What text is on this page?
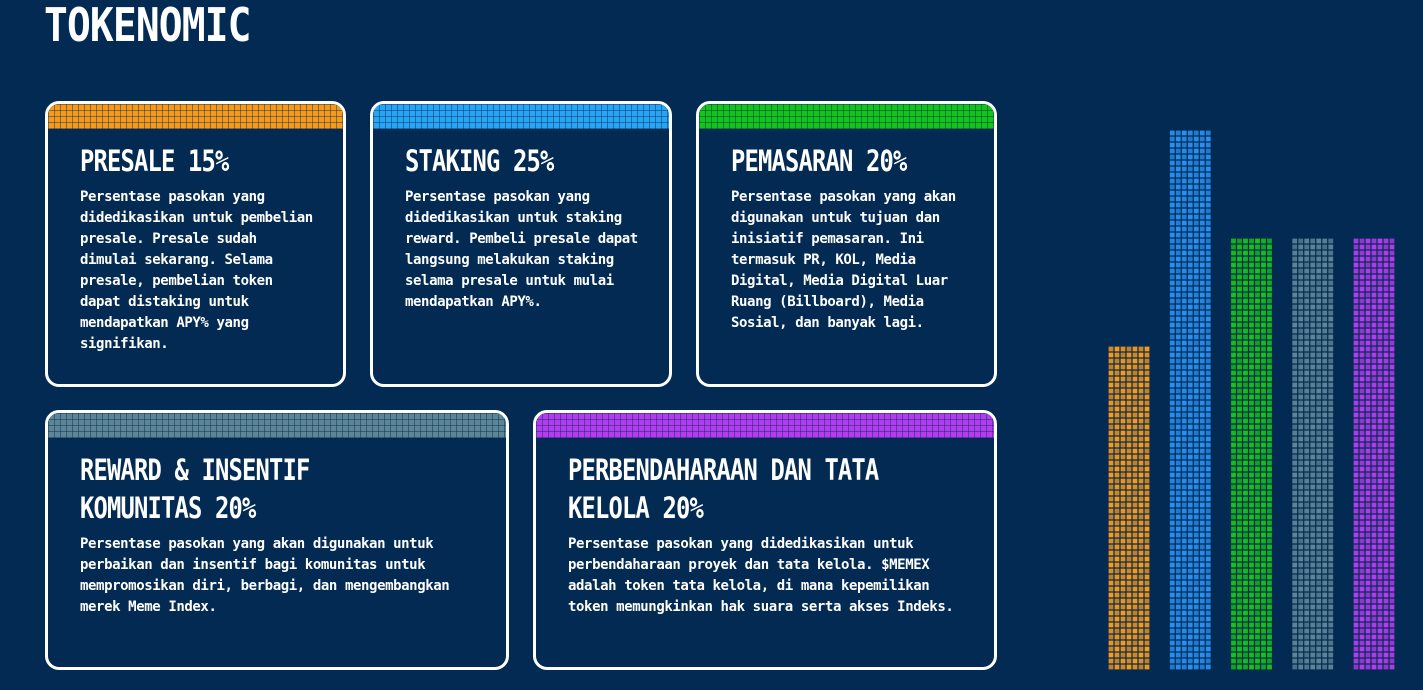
TOKENOMIC
PRESALE 15%

Persentase pasokan yang didedikasikan untuk pembelian presale. Presale sudah dimulai sekarang. Selama presale, pembelian token dapat distaking untuk mendapatkan APY% yang signifikan.

STAKING 25%

Persentase pasokan yang didedikasikan untuk staking reward. Pembeli presale dapat langsung melakukan staking selama presale untuk mulai mendapatkan APY%.

PEMASARAN 20%

Persentase pasokan yang akan digunakan untuk tujuan dan inisiatif pemasaran. Ini termasuk PR, KOL, Media Digital, Media Digital Luar Ruang (Billboard), Media Sosial, dan banyak lagi.

REWARD & INSENTIF KOMUNITAS 20%

Persentase pasokan yang akan digunakan untuk perbaikan dan insentif bagi komunitas untuk mempromosikan diri, berbagi, dan mengembangkan merek Meme Index.

PERBENDAHARAAN DAN TATA KELOLA 20%

Persentase pasokan yang didedikasikan untuk perbendaharaan proyek dan tata kelola. $MEMEX adalah token tata kelola, di mana kepemilikan token memungkinkan hak suara serta akses Indeks.
